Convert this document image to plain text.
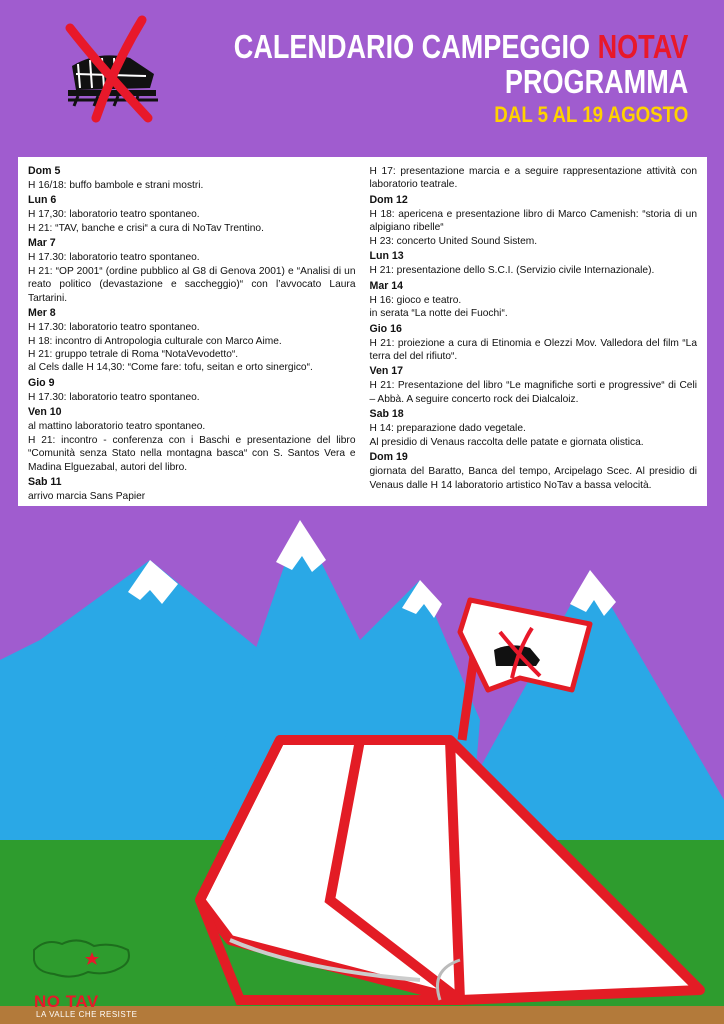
CALENDARIO CAMPEGGIO NOTAV
PROGRAMMA
DAL 5 AL 19 AGOSTO
Dom 5
H 16/18: buffo bambole e strani mostri.
Lun 6
H 17,30: laboratorio teatro spontaneo.
H 21: “TAV, banche e crisi“ a cura di NoTav Trentino.
Mar 7
H 17.30: laboratorio teatro spontaneo.
H 21: “OP 2001“ (ordine pubblico al G8 di Genova 2001) e “Analisi di un reato politico (devastazione e saccheggio)“ con l’avvocato Laura Tartarini.
Mer 8
H 17.30: laboratorio teatro spontaneo.
H 18: incontro di Antropologia culturale con Marco Aime.
H 21: gruppo tetrale di Roma “NotaVevodetto“.
al Cels dalle H 14,30: “Come fare: tofu, seitan e orto sinergico“.
Gio 9
H 17.30: laboratorio teatro spontaneo.
Ven 10
al mattino laboratorio teatro spontaneo.
H 21: incontro - conferenza con i Baschi e presentazione del libro “Comunità senza Stato nella montagna basca“ con S. Santos Vera e Madina Elguezabal, autori del libro.
Sab 11
arrivo marcia Sans Papier
H 17: presentazione marcia e a seguire rappresentazione attività con laboratorio teatrale.
Dom 12
H 18: apericena e presentazione libro di Marco Camenish: “storia di un alpigiano ribelle“
H 23: concerto United Sound Sistem.
Lun 13
H 21: presentazione dello S.C.I. (Servizio civile Internazionale).
Mar 14
H 16: gioco e teatro.
in serata “La notte dei Fuochi“.
Gio 16
H 21: proiezione a cura di Etinomia e Olezzi Mov. Valledora del film “La terra del del rifiuto“.
Ven 17
H 21: Presentazione del libro “Le magnifiche sorti e progressive“ di Celi – Abbà. A seguire concerto rock dei Dialcaloiz.
Sab 18
H 14: preparazione dado vegetale.
Al presidio di Venaus raccolta delle patate e giornata olistica.
Dom 19
giornata del Baratto, Banca del tempo, Arcipelago Scec. Al presidio di Venaus dalle H 14 laboratorio artistico NoTav a bassa velocità.
NO TAV
LA VALLE CHE RESISTE
